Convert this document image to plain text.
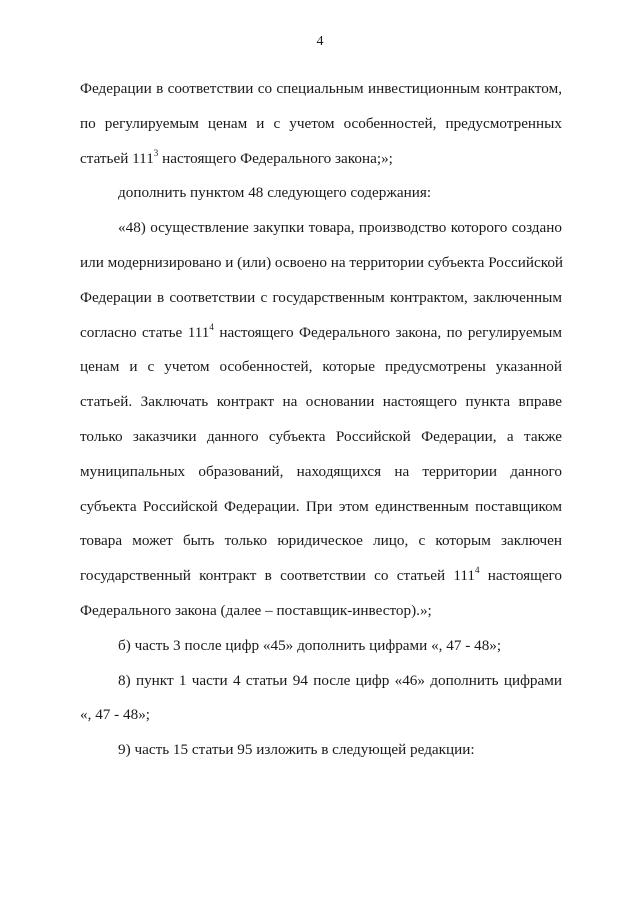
4
Федерации в соответствии со специальным инвестиционным контрактом,
по регулируемым ценам и с учетом особенностей, предусмотренных
статьей $111^3$ настоящего Федерального закона;»;
дополнить пунктом 48 следующего содержания:
«48) осуществление закупки товара, производство которого создано
или модернизировано и (или) освоено на территории субъекта Российской
Федерации в соответствии с государственным контрактом, заключенным
согласно статье $111^4$ настоящего Федерального закона, по регулируемым
ценам и с учетом особенностей, которые предусмотрены указанной
статьей. Заключать контракт на основании настоящего пункта вправе
только заказчики данного субъекта Российской Федерации, а также
муниципальных образований, находящихся на территории данного
субъекта Российской Федерации. При этом единственным поставщиком
товара может быть только юридическое лицо, с которым заключен
государственный контракт в соответствии со статьей $111^4$ настоящего
Федерального закона (далее – поставщик-инвестор).»;
б) часть 3 после цифр «45» дополнить цифрами «, 47 - 48»;
8) пункт 1 части 4 статьи 94 после цифр «46» дополнить цифрами
«, 47 - 48»;
9) часть 15 статьи 95 изложить в следующей редакции:
